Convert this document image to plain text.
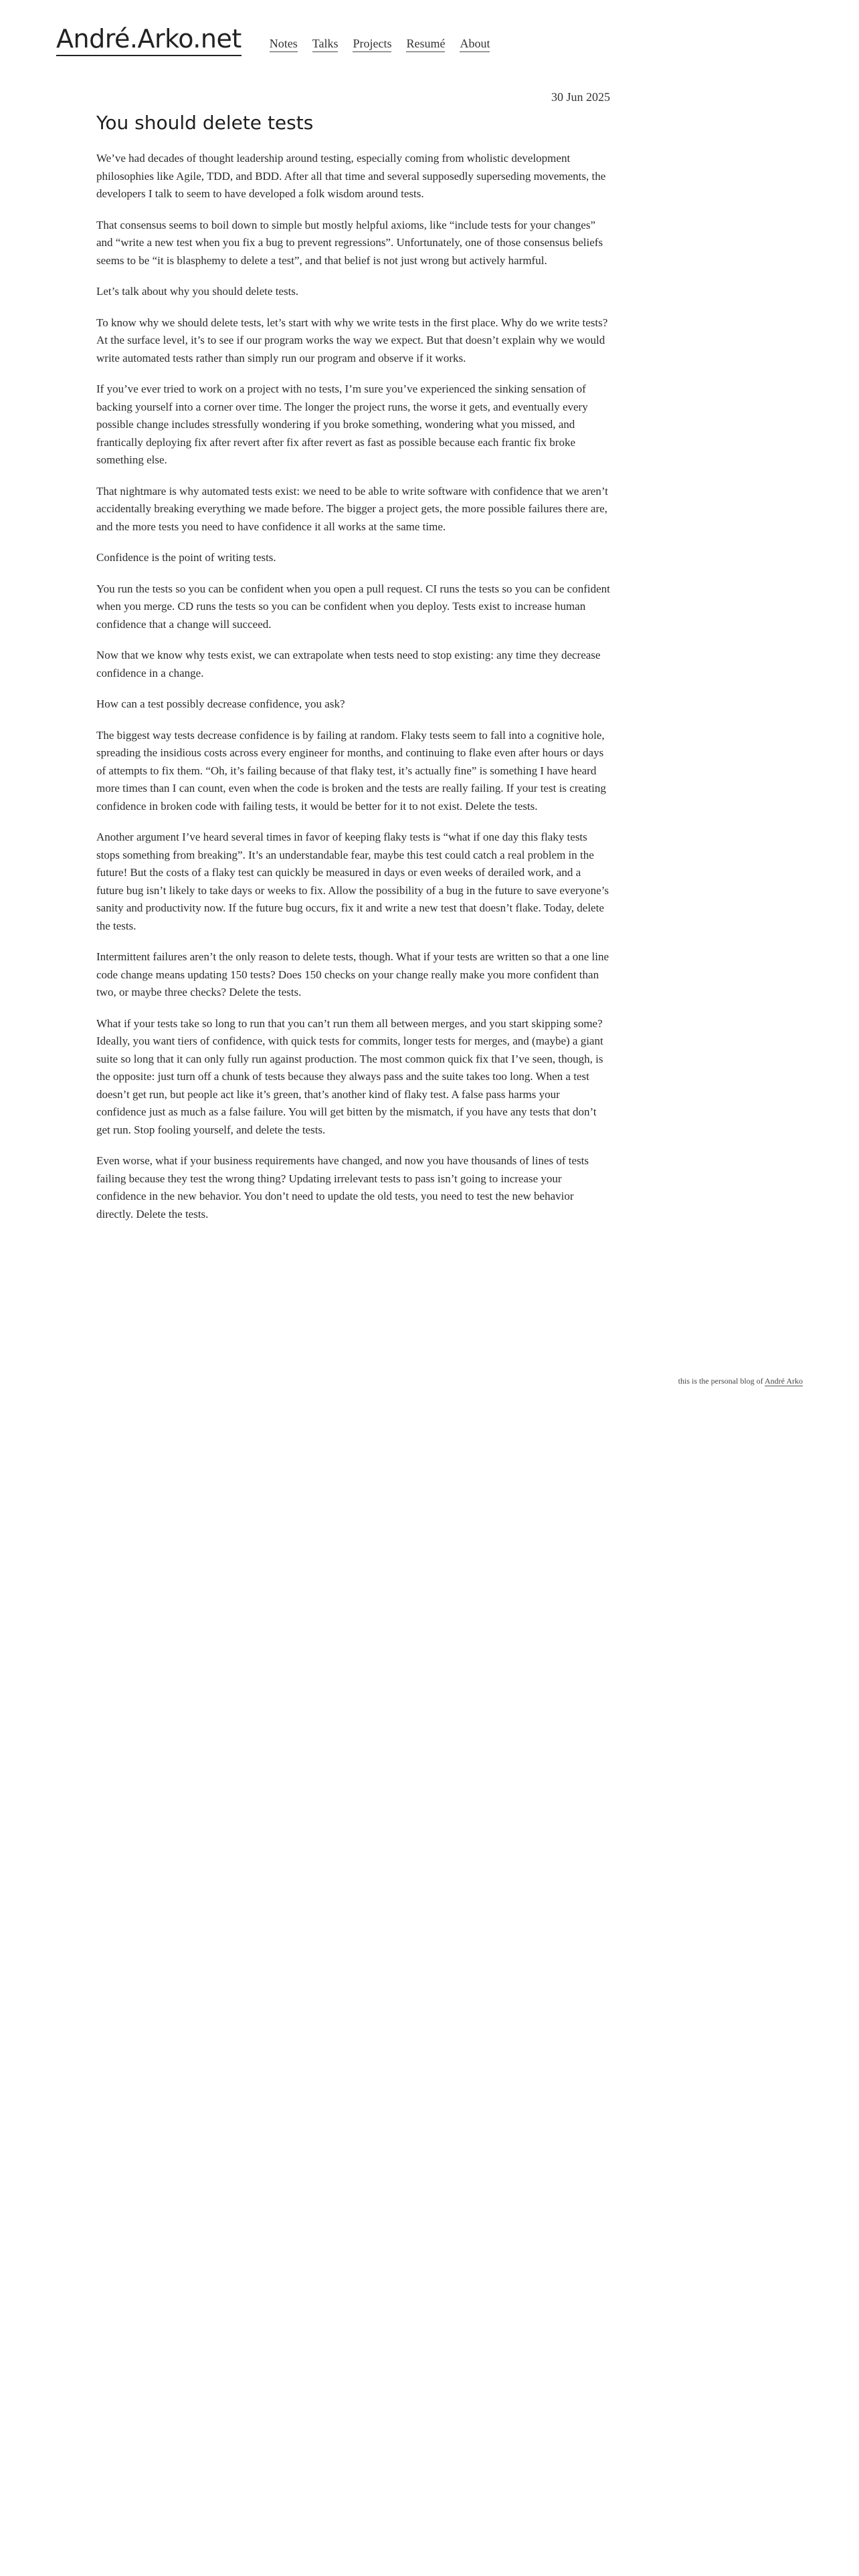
André.Arko.net Notes Talks Projects Resumé About

30 Jun 2025

You should delete tests

We’ve had decades of thought leadership around testing, especially coming from wholistic development philosophies like Agile, TDD, and BDD. After all that time and several supposedly superseding movements, the developers I talk to seem to have developed a folk wisdom around tests.

That consensus seems to boil down to simple but mostly helpful axioms, like “include tests for your changes” and “write a new test when you fix a bug to prevent regressions”. Unfortunately, one of those consensus beliefs seems to be “it is blasphemy to delete a test”, and that belief is not just wrong but actively harmful.

Let’s talk about why you should delete tests.

To know why we should delete tests, let’s start with why we write tests in the first place. Why do we write tests? At the surface level, it’s to see if our program works the way we expect. But that doesn’t explain why we would write automated tests rather than simply run our program and observe if it works.

If you’ve ever tried to work on a project with no tests, I’m sure you’ve experienced the sinking sensation of backing yourself into a corner over time. The longer the project runs, the worse it gets, and eventually every possible change includes stressfully wondering if you broke something, wondering what you missed, and frantically deploying fix after revert after fix after revert as fast as possible because each frantic fix broke something else.

That nightmare is why automated tests exist: we need to be able to write software with confidence that we aren’t accidentally breaking everything we made before. The bigger a project gets, the more possible failures there are, and the more tests you need to have confidence it all works at the same time.

Confidence is the point of writing tests.

You run the tests so you can be confident when you open a pull request. CI runs the tests so you can be confident when you merge. CD runs the tests so you can be confident when you deploy. Tests exist to increase human confidence that a change will succeed.

Now that we know why tests exist, we can extrapolate when tests need to stop existing: any time they decrease confidence in a change.

How can a test possibly decrease confidence, you ask?

The biggest way tests decrease confidence is by failing at random. Flaky tests seem to fall into a cognitive hole, spreading the insidious costs across every engineer for months, and continuing to flake even after hours or days of attempts to fix them. “Oh, it’s failing because of that flaky test, it’s actually fine” is something I have heard more times than I can count, even when the code is broken and the tests are really failing. If your test is creating confidence in broken code with failing tests, it would be better for it to not exist. Delete the tests.

Another argument I’ve heard several times in favor of keeping flaky tests is “what if one day this flaky tests stops something from breaking”. It’s an understandable fear, maybe this test could catch a real problem in the future! But the costs of a flaky test can quickly be measured in days or even weeks of derailed work, and a future bug isn’t likely to take days or weeks to fix. Allow the possibility of a bug in the future to save everyone’s sanity and productivity now. If the future bug occurs, fix it and write a new test that doesn’t flake. Today, delete the tests.

Intermittent failures aren’t the only reason to delete tests, though. What if your tests are written so that a one line code change means updating 150 tests? Does 150 checks on your change really make you more confident than two, or maybe three checks? Delete the tests.

What if your tests take so long to run that you can’t run them all between merges, and you start skipping some? Ideally, you want tiers of confidence, with quick tests for commits, longer tests for merges, and (maybe) a giant suite so long that it can only fully run against production. The most common quick fix that I’ve seen, though, is the opposite: just turn off a chunk of tests because they always pass and the suite takes too long. When a test doesn’t get run, but people act like it’s green, that’s another kind of flaky test. A false pass harms your confidence just as much as a false failure. You will get bitten by the mismatch, if you have any tests that don’t get run. Stop fooling yourself, and delete the tests.

Even worse, what if your business requirements have changed, and now you have thousands of lines of tests failing because they test the wrong thing? Updating irrelevant tests to pass isn’t going to increase your confidence in the new behavior. You don’t need to update the old tests, you need to test the new behavior directly. Delete the tests.

this is the personal blog of André Arko
